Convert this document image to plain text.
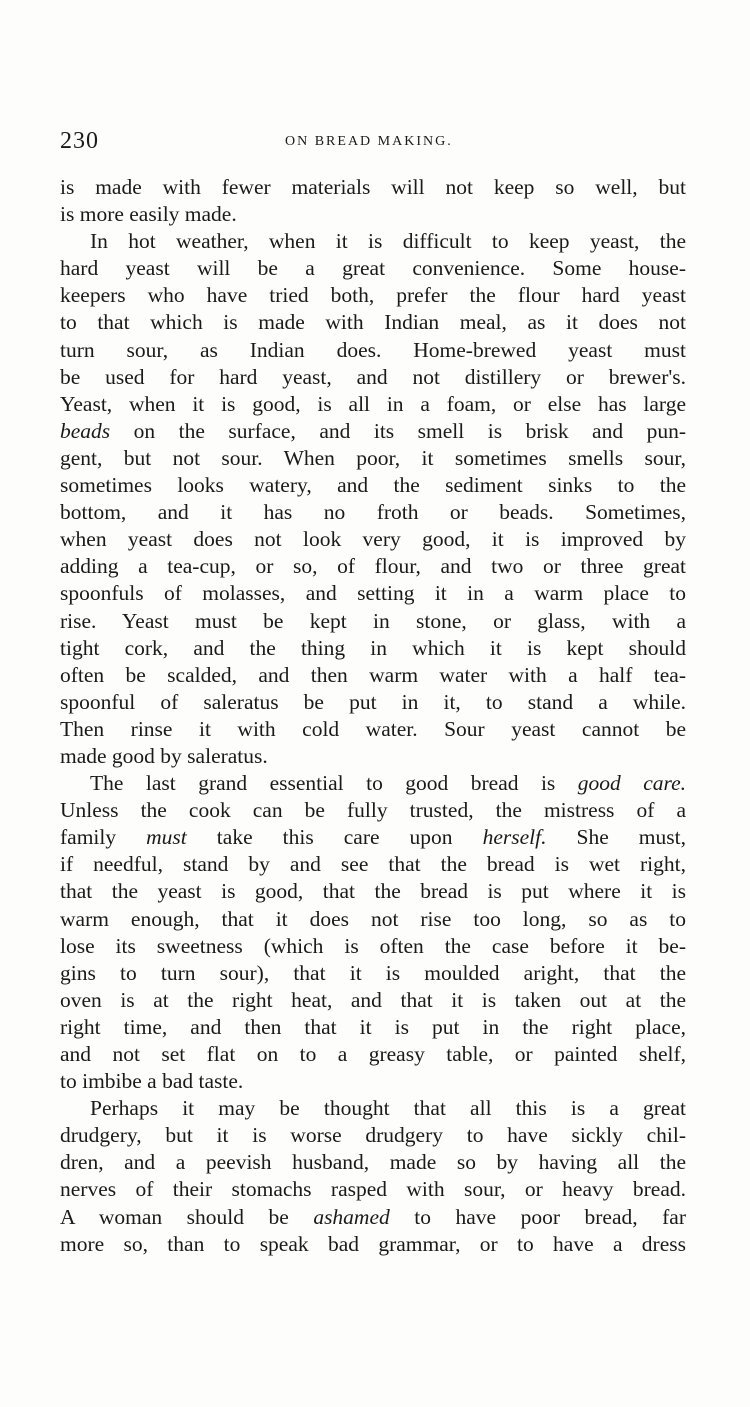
230	ON BREAD MAKING.
is made with fewer materials will not keep so well, but
is more easily made.
In hot weather, when it is difficult to keep yeast, the
hard yeast will be a great convenience. Some house-
keepers who have tried both, prefer the flour hard yeast
to that which is made with Indian meal, as it does not
turn sour, as Indian does. Home-brewed yeast must
be used for hard yeast, and not distillery or brewer's.
Yeast, when it is good, is all in a foam, or else has large
beads on the surface, and its smell is brisk and pun-
gent, but not sour. When poor, it sometimes smells sour,
sometimes looks watery, and the sediment sinks to the
bottom, and it has no froth or beads. Sometimes,
when yeast does not look very good, it is improved by
adding a tea-cup, or so, of flour, and two or three great
spoonfuls of molasses, and setting it in a warm place to
rise. Yeast must be kept in stone, or glass, with a
tight cork, and the thing in which it is kept should
often be scalded, and then warm water with a half tea-
spoonful of saleratus be put in it, to stand a while.
Then rinse it with cold water. Sour yeast cannot be
made good by saleratus.
The last grand essential to good bread is good care.
Unless the cook can be fully trusted, the mistress of a
family must take this care upon herself. She must,
if needful, stand by and see that the bread is wet right,
that the yeast is good, that the bread is put where it is
warm enough, that it does not rise too long, so as to
lose its sweetness (which is often the case before it be-
gins to turn sour), that it is moulded aright, that the
oven is at the right heat, and that it is taken out at the
right time, and then that it is put in the right place,
and not set flat on to a greasy table, or painted shelf,
to imbibe a bad taste.
Perhaps it may be thought that all this is a great
drudgery, but it is worse drudgery to have sickly chil-
dren, and a peevish husband, made so by having all the
nerves of their stomachs rasped with sour, or heavy bread.
A woman should be ashamed to have poor bread, far
more so, than to speak bad grammar, or to have a dress
